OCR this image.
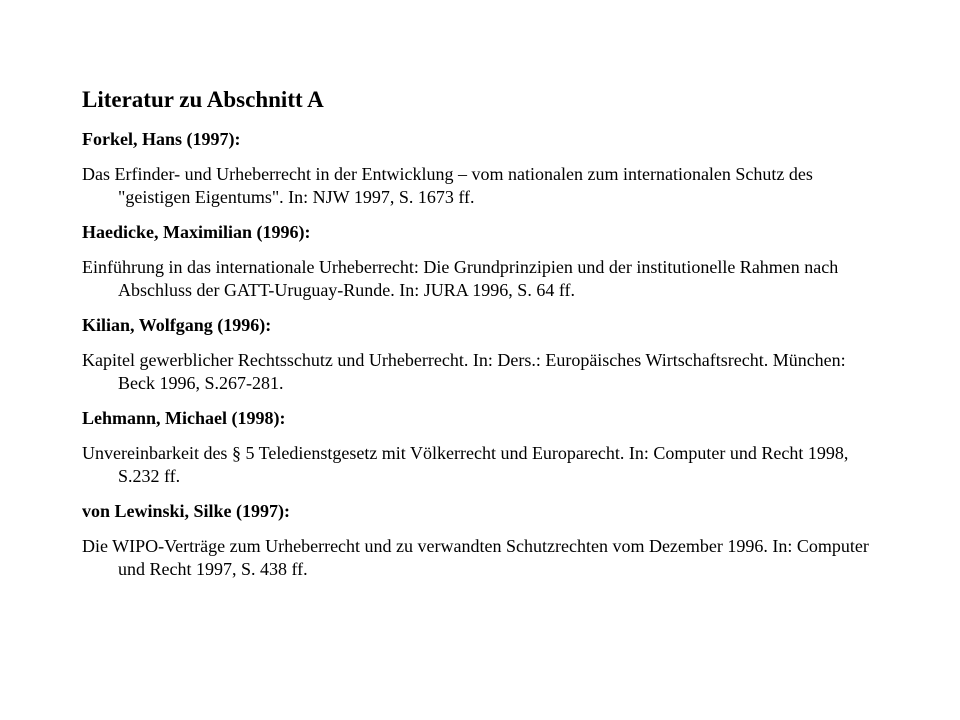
Literatur zu Abschnitt A
Forkel, Hans (1997):
Das Erfinder- und Urheberrecht in der Entwicklung – vom nationalen zum internationalen Schutz des "geistigen Eigentums". In: NJW 1997, S. 1673 ff.
Haedicke, Maximilian (1996):
Einführung in das internationale Urheberrecht: Die Grundprinzipien und der institutionelle Rahmen nach Abschluss der GATT-Uruguay-Runde. In: JURA 1996, S. 64 ff.
Kilian, Wolfgang (1996):
Kapitel gewerblicher Rechtsschutz und Urheberrecht. In: Ders.: Europäisches Wirtschaftsrecht. München: Beck 1996, S.267-281.
Lehmann, Michael (1998):
Unvereinbarkeit des § 5 Teledienstgesetz mit Völkerrecht und Europarecht. In: Computer und Recht 1998, S.232 ff.
von Lewinski, Silke (1997):
Die WIPO-Verträge zum Urheberrecht und zu verwandten Schutzrechten vom Dezember 1996. In: Computer und Recht 1997, S. 438 ff.
